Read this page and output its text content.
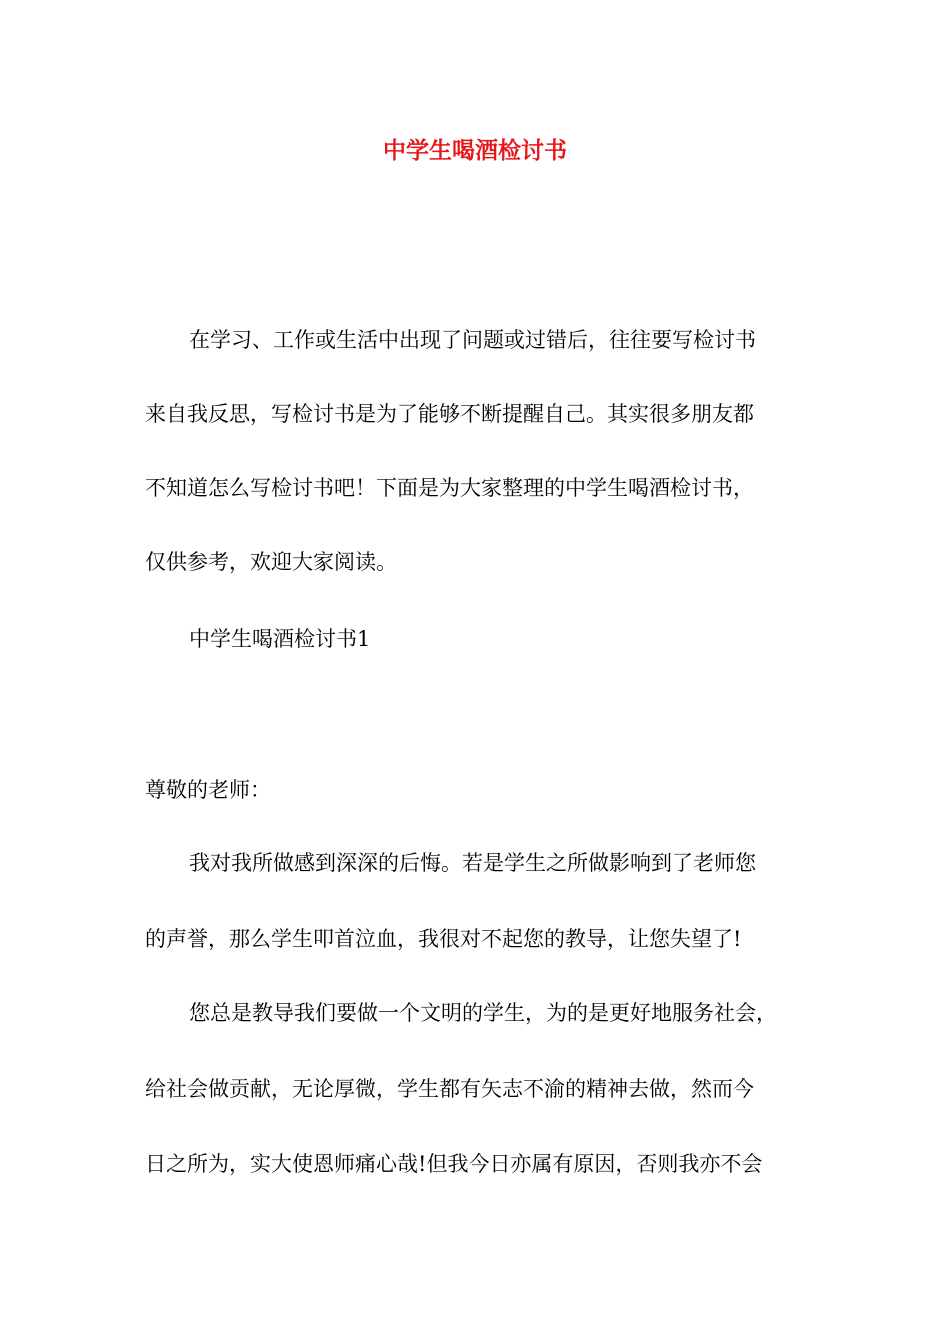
中学生喝酒检讨书
在学习、工作或生活中出现了问题或过错后，往往要写检讨书
来自我反思，写检讨书是为了能够不断提醒自己。其实很多朋友都
不知道怎么写检讨书吧！下面是为大家整理的中学生喝酒检讨书，
仅供参考，欢迎大家阅读。
中学生喝酒检讨书1
尊敬的老师：
我对我所做感到深深的后悔。若是学生之所做影响到了老师您
的声誉，那么学生叩首泣血，我很对不起您的教导，让您失望了!
您总是教导我们要做一个文明的学生，为的是更好地服务社会，
给社会做贡献，无论厚微，学生都有矢志不渝的精神去做，然而今
日之所为，实大使恩师痛心哉!但我今日亦属有原因，否则我亦不会
